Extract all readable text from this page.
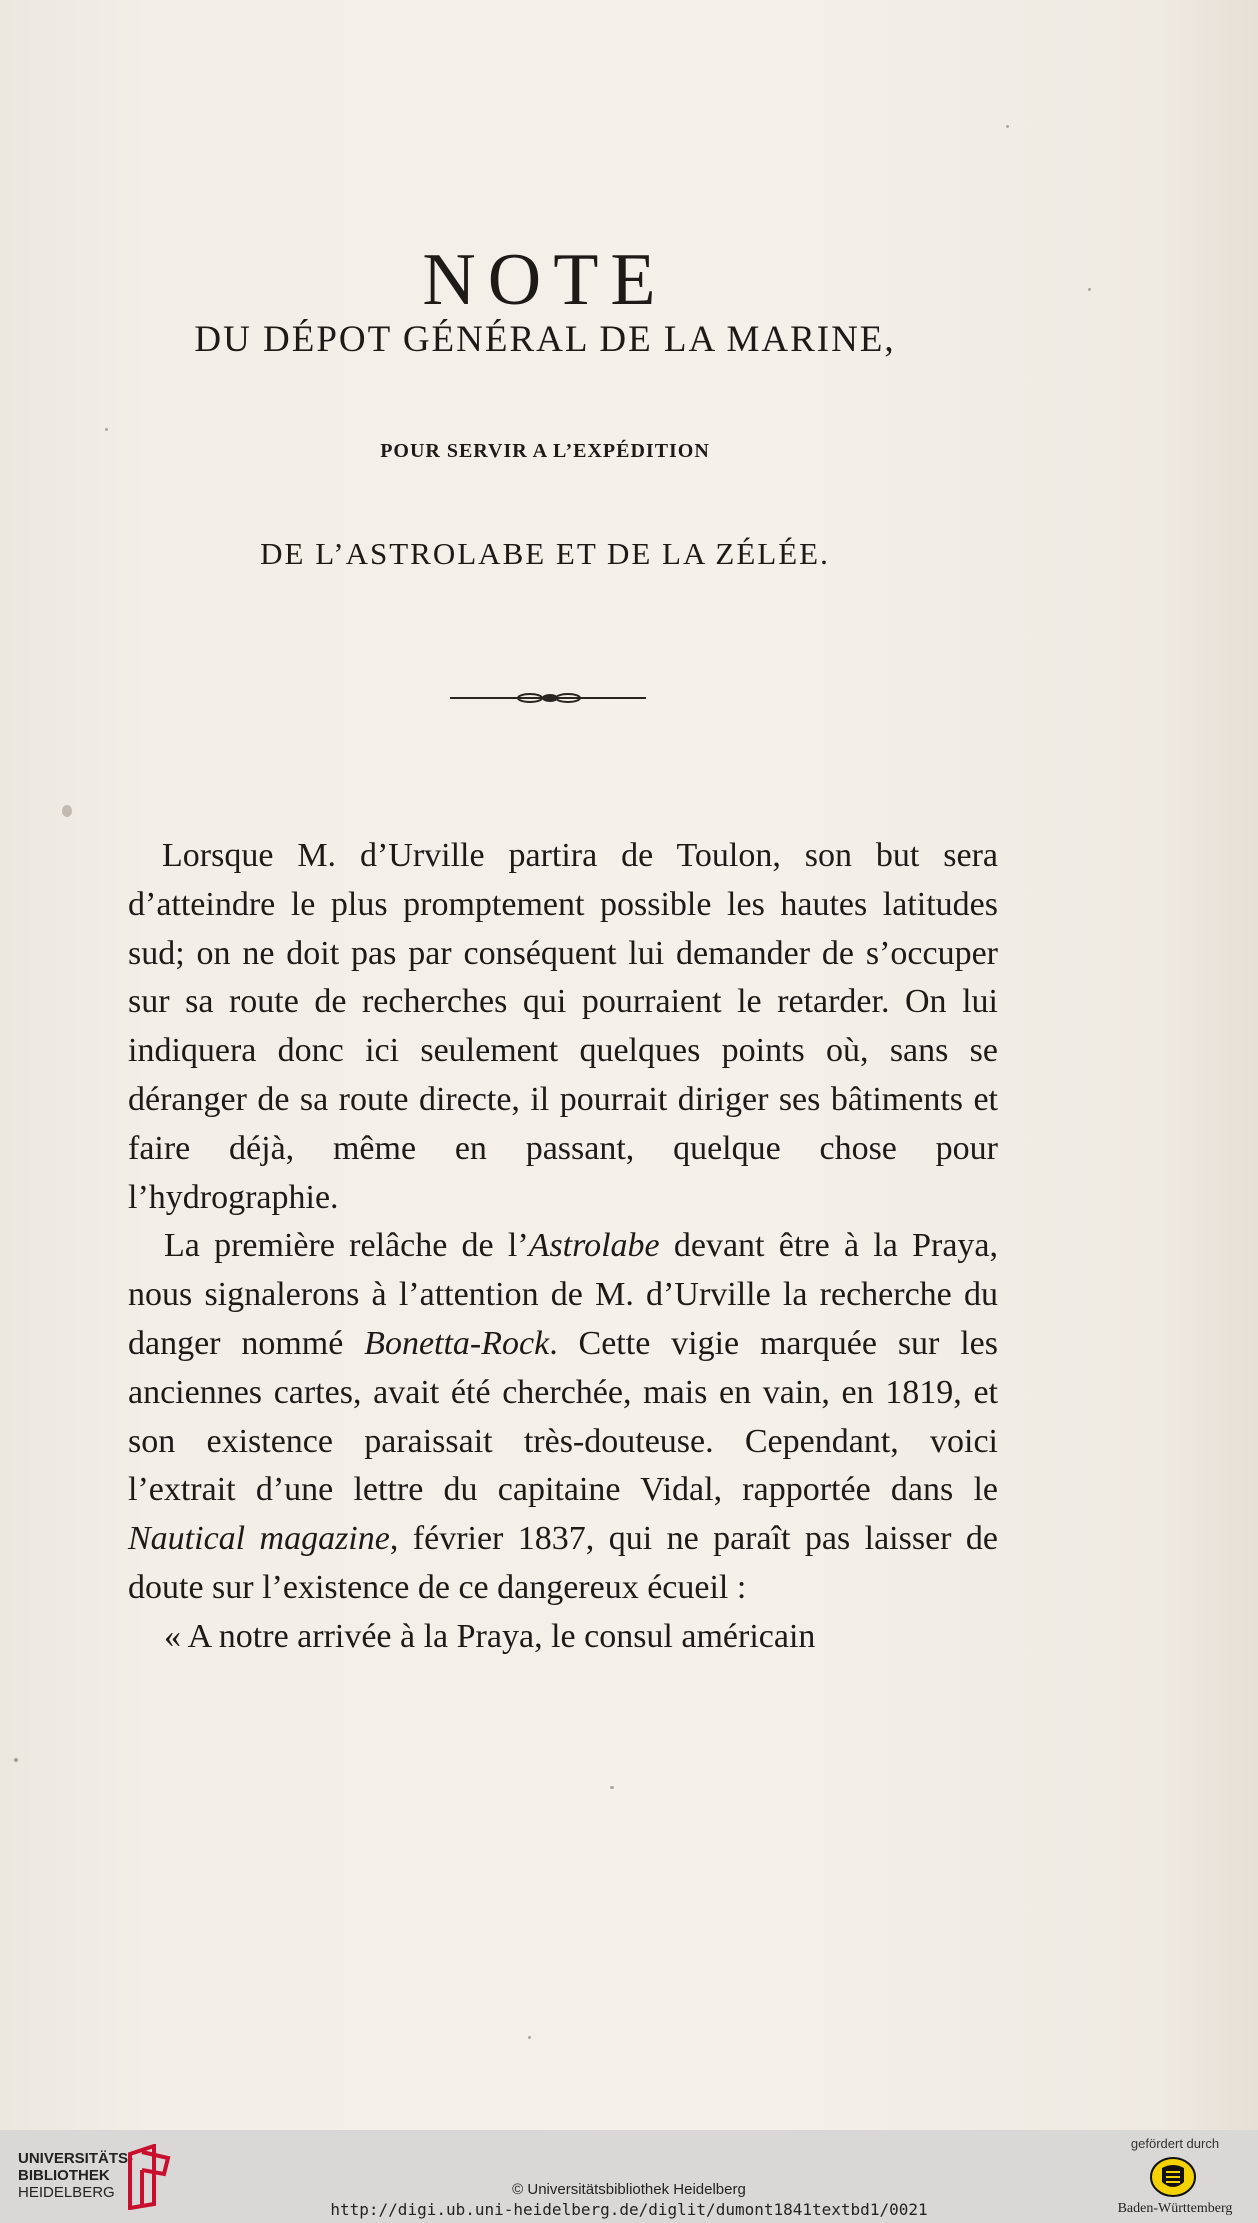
NOTE
DU DÉPOT GÉNÉRAL DE LA MARINE,
POUR SERVIR A L’EXPÉDITION
DE L’ASTROLABE ET DE LA ZÉLÉE.

Lorsque M. d’Urville partira de Toulon, son but sera d’atteindre le plus promptement possible les hautes latitudes sud; on ne doit pas par conséquent lui demander de s’occuper sur sa route de recherches qui pourraient le retarder. On lui indiquera donc ici seulement quelques points où, sans se déranger de sa route directe, il pourrait diriger ses bâtiments et faire déjà, même en passant, quelque chose pour l’hydrographie.

La première relâche de l’Astrolabe devant être à la Praya, nous signalerons à l’attention de M. d’Urville la recherche du danger nommé Bonetta-Rock. Cette vigie marquée sur les anciennes cartes, avait été cherchée, mais en vain, en 1819, et son existence paraissait très-douteuse. Cependant, voici l’extrait d’une lettre du capitaine Vidal, rapportée dans le Nautical magazine, février 1837, qui ne paraît pas laisser de doute sur l’existence de ce dangereux écueil :

« A notre arrivée à la Praya, le consul américain

UNIVERSITÄTS-
BIBLIOTHEK
HEIDELBERG	© Universitätsbibliothek Heidelberg
http://digi.ub.uni-heidelberg.de/diglit/dumont1841textbd1/0021
gefördert durch
Baden-Württemberg
